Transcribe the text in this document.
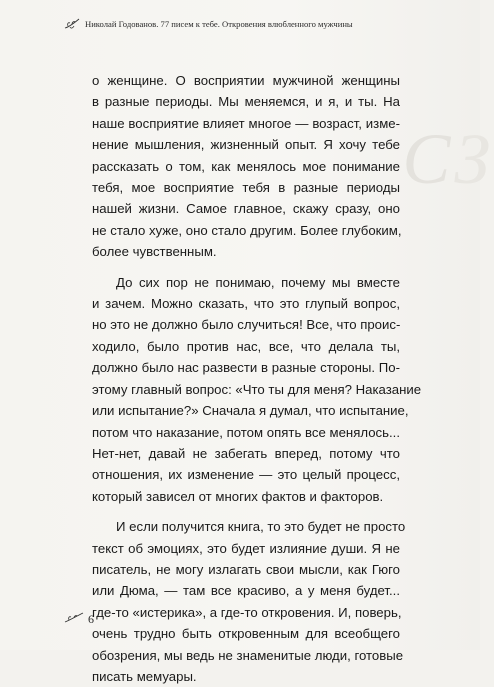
CЗ
Николай Годованов. 77 писем к тебе. Откровения влюбленного мужчины
о женщине. О восприятии мужчиной женщины
в разные периоды. Мы меняемся, и я, и ты. На
наше восприятие влияет многое — возраст, изме-
нение мышления, жизненный опыт. Я хочу тебе
рассказать о том, как менялось мое понимание
тебя, мое восприятие тебя в разные периоды
нашей жизни. Самое главное, скажу сразу, оно
не стало хуже, оно стало другим. Более глубоким,
более чувственным.
До сих пор не понимаю, почему мы вместе
и зачем. Можно сказать, что это глупый вопрос,
но это не должно было случиться! Все, что проис-
ходило, было против нас, все, что делала ты,
должно было нас развести в разные стороны. По-
этому главный вопрос: «Что ты для меня? Наказание
или испытание?» Сначала я думал, что испытание,
потом что наказание, потом опять все менялось...
Нет-нет, давай не забегать вперед, потому что
отношения, их изменение — это целый процесс,
который зависел от многих фактов и факторов.
И если получится книга, то это будет не просто
текст об эмоциях, это будет излияние души. Я не
писатель, не могу излагать свои мысли, как Гюго
или Дюма, — там все красиво, а у меня будет...
где-то «истерика», а где-то откровения. И, поверь,
очень трудно быть откровенным для всеобщего
обозрения, мы ведь не знаменитые люди, готовые
писать мемуары.
6
